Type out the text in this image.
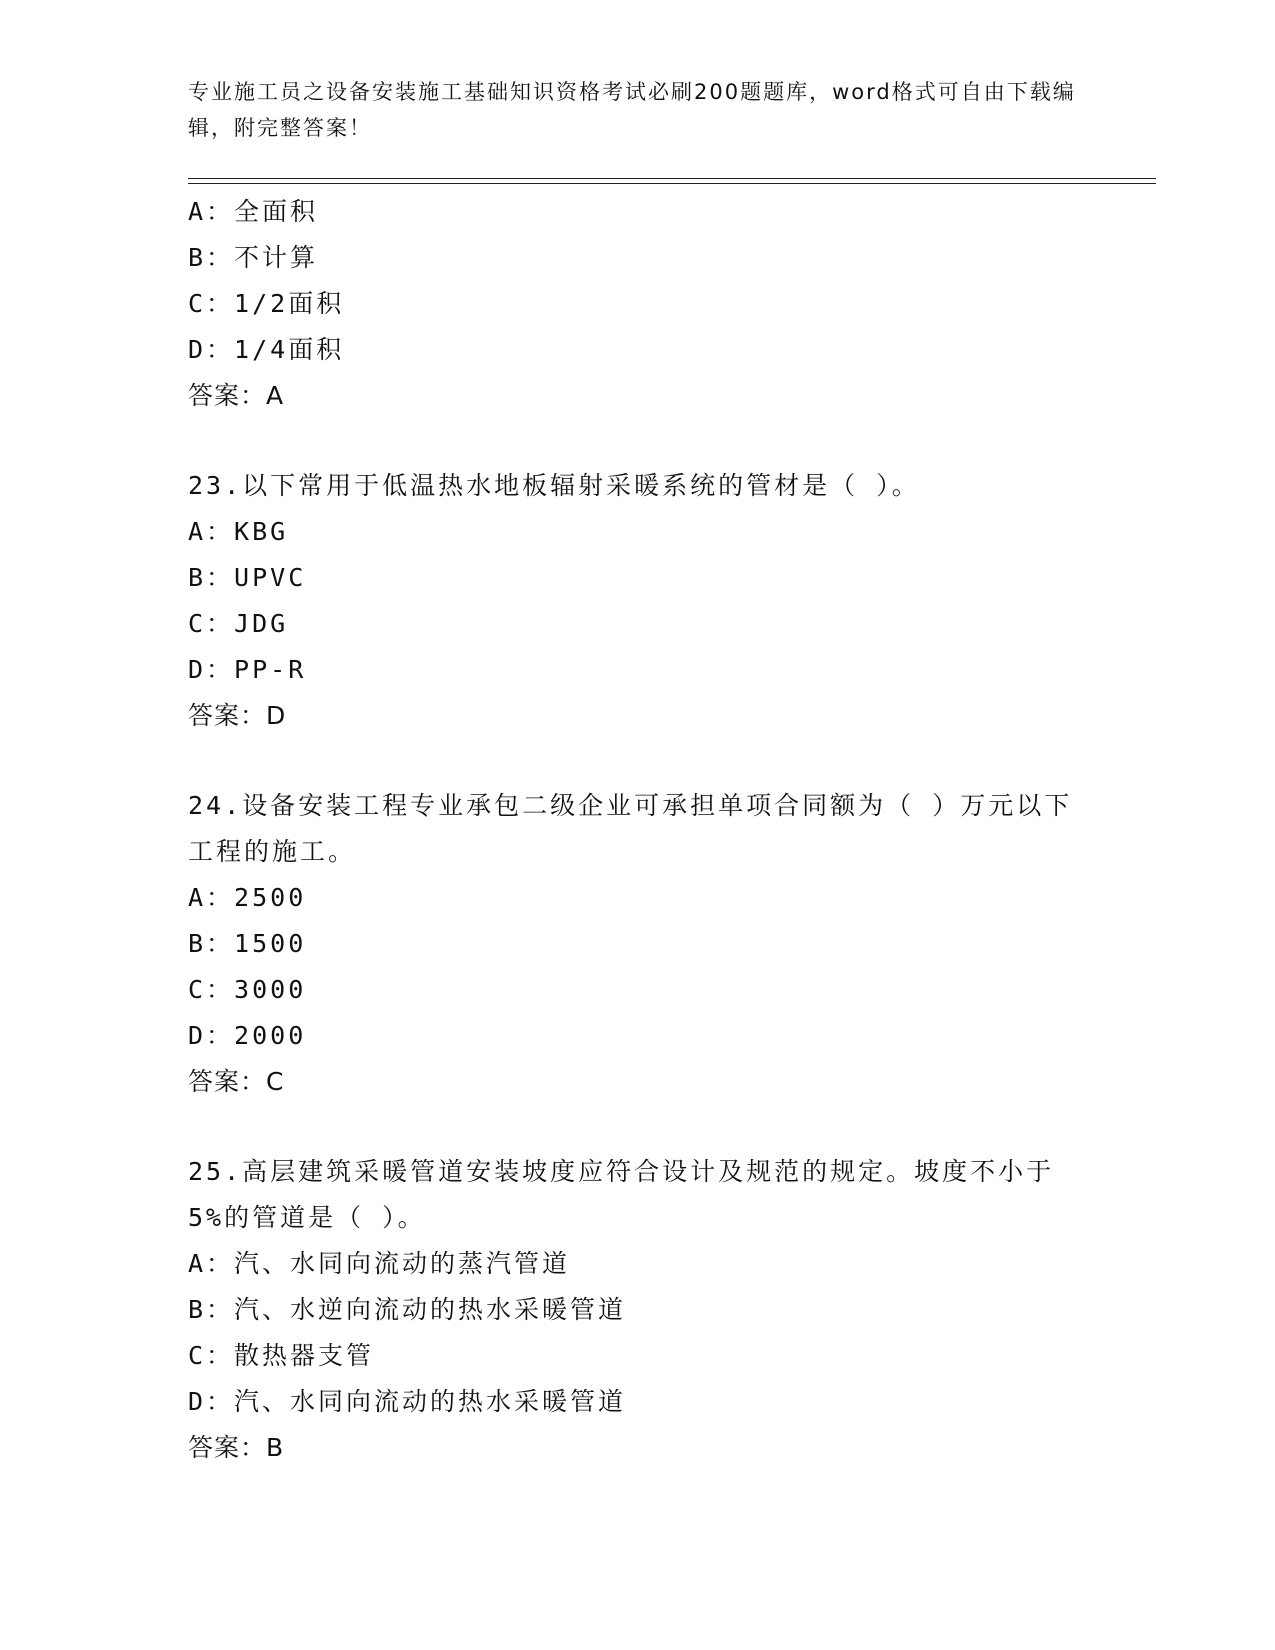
专业施工员之设备安装施工基础知识资格考试必刷200题题库，word格式可自由下载编辑，附完整答案！
A：全面积
B：不计算
C：1/2面积
D：1/4面积
答案：A
23.以下常用于低温热水地板辐射采暖系统的管材是（ ）。
A：KBG
B：UPVC
C：JDG
D：PP-R
答案：D
24.设备安装工程专业承包二级企业可承担单项合同额为（ ）万元以下工程的施工。
A：2500
B：1500
C：3000
D：2000
答案：C
25.高层建筑采暖管道安装坡度应符合设计及规范的规定。坡度不小于5%的管道是（ ）。
A：汽、水同向流动的蒸汽管道
B：汽、水逆向流动的热水采暖管道
C：散热器支管
D：汽、水同向流动的热水采暖管道
答案：B
